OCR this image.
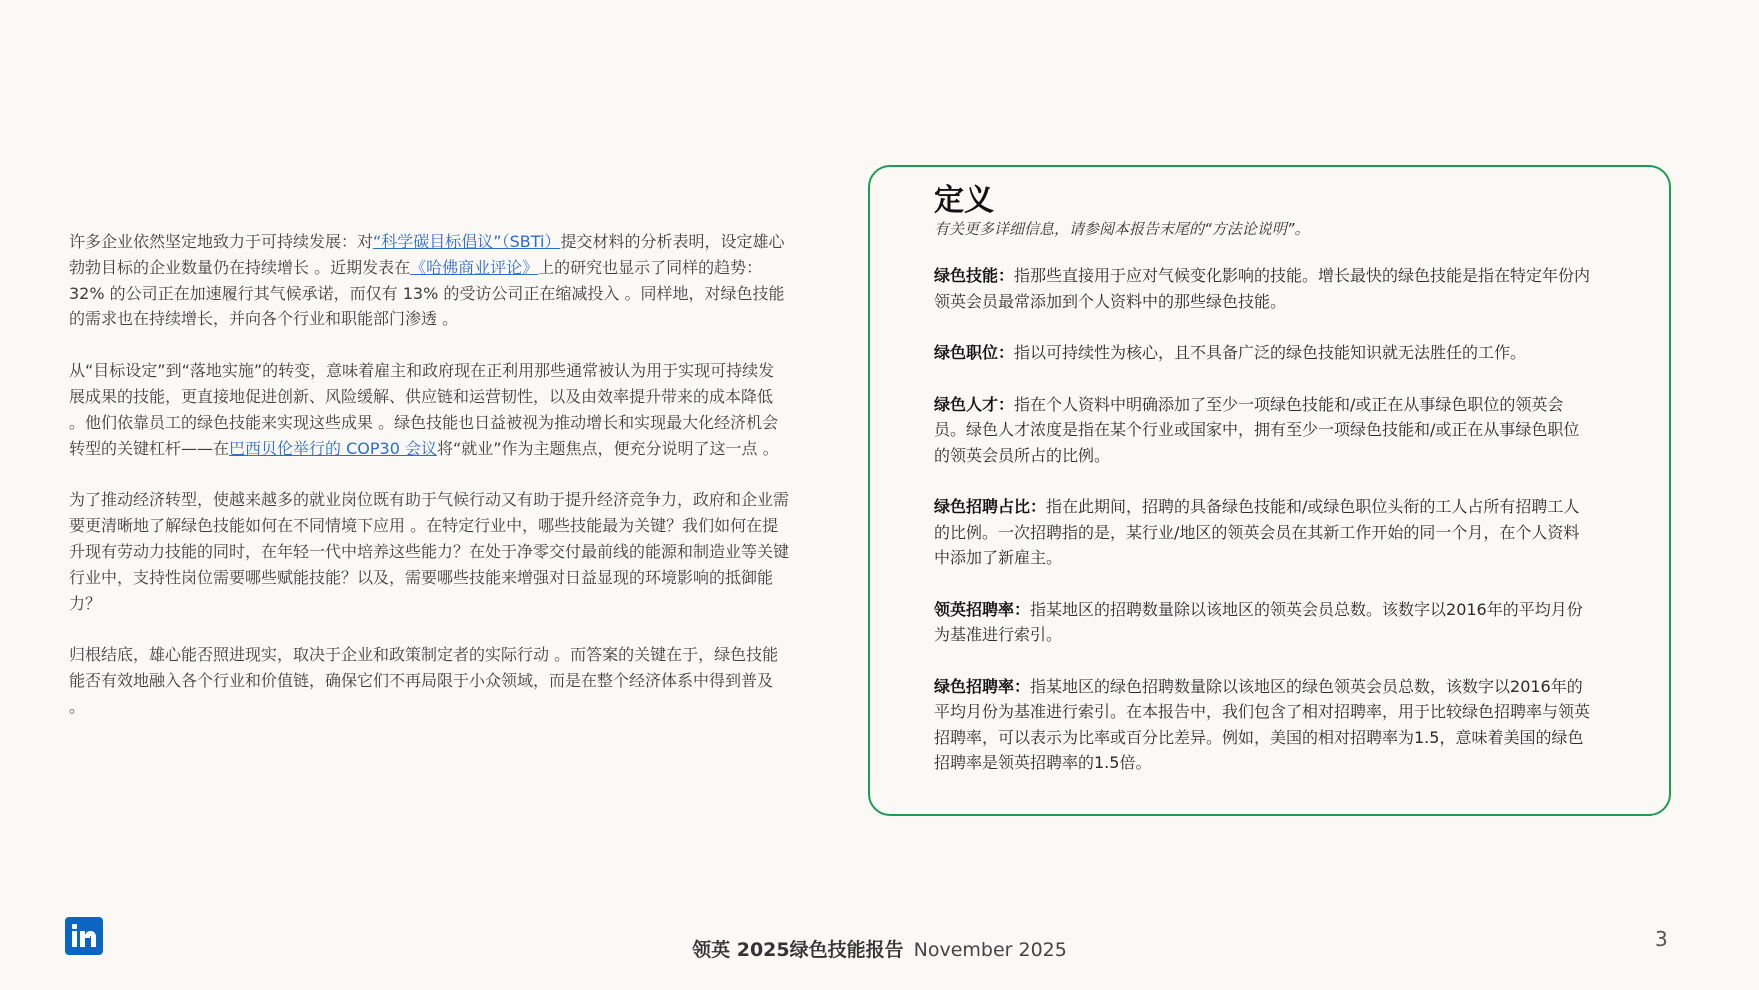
许多企业依然坚定地致力于可持续发展：对“科学碳目标倡议”（SBTi）提交材料的分析表明，设定雄心勃勃目标的企业数量仍在持续增长 。近期发表在《哈佛商业评论》上的研究也显示了同样的趋势：32% 的公司正在加速履行其气候承诺，而仅有 13% 的受访公司正在缩减投入 。同样地，对绿色技能的需求也在持续增长，并向各个行业和职能部门渗透 。

从“目标设定”到“落地实施”的转变，意味着雇主和政府现在正利用那些通常被认为用于实现可持续发展成果的技能，更直接地促进创新、风险缓解、供应链和运营韧性，以及由效率提升带来的成本降低 。他们依靠员工的绿色技能来实现这些成果 。绿色技能也日益被视为推动增长和实现最大化经济机会转型的关键杠杆——在巴西贝伦举行的 COP30 会议将“就业”作为主题焦点，便充分说明了这一点 。

为了推动经济转型，使越来越多的就业岗位既有助于气候行动又有助于提升经济竞争力，政府和企业需要更清晰地了解绿色技能如何在不同情境下应用 。在特定行业中，哪些技能最为关键？我们如何在提升现有劳动力技能的同时，在年轻一代中培养这些能力？在处于净零交付最前线的能源和制造业等关键行业中，支持性岗位需要哪些赋能技能？以及，需要哪些技能来增强对日益显现的环境影响的抵御能力？

归根结底，雄心能否照进现实，取决于企业和政策制定者的实际行动 。而答案的关键在于，绿色技能能否有效地融入各个行业和价值链，确保它们不再局限于小众领域，而是在整个经济体系中得到普及 。

定义

有关更多详细信息，请参阅本报告末尾的“方法论说明”。

绿色技能：指那些直接用于应对气候变化影响的技能。增长最快的绿色技能是指在特定年份内领英会员最常添加到个人资料中的那些绿色技能。

绿色职位：指以可持续性为核心，且不具备广泛的绿色技能知识就无法胜任的工作。

绿色人才：指在个人资料中明确添加了至少一项绿色技能和/或正在从事绿色职位的领英会员。绿色人才浓度是指在某个行业或国家中，拥有至少一项绿色技能和/或正在从事绿色职位的领英会员所占的比例。

绿色招聘占比：指在此期间，招聘的具备绿色技能和/或绿色职位头衔的工人占所有招聘工人的比例。一次招聘指的是，某行业/地区的领英会员在其新工作开始的同一个月，在个人资料中添加了新雇主。

领英招聘率：指某地区的招聘数量除以该地区的领英会员总数。该数字以2016年的平均月份为基准进行索引。

绿色招聘率：指某地区的绿色招聘数量除以该地区的绿色领英会员总数，该数字以2016年的平均月份为基准进行索引。在本报告中，我们包含了相对招聘率，用于比较绿色招聘率与领英招聘率，可以表示为比率或百分比差异。例如，美国的相对招聘率为1.5，意味着美国的绿色招聘率是领英招聘率的1.5倍。

领英 2025绿色技能报告 November 2025	3
